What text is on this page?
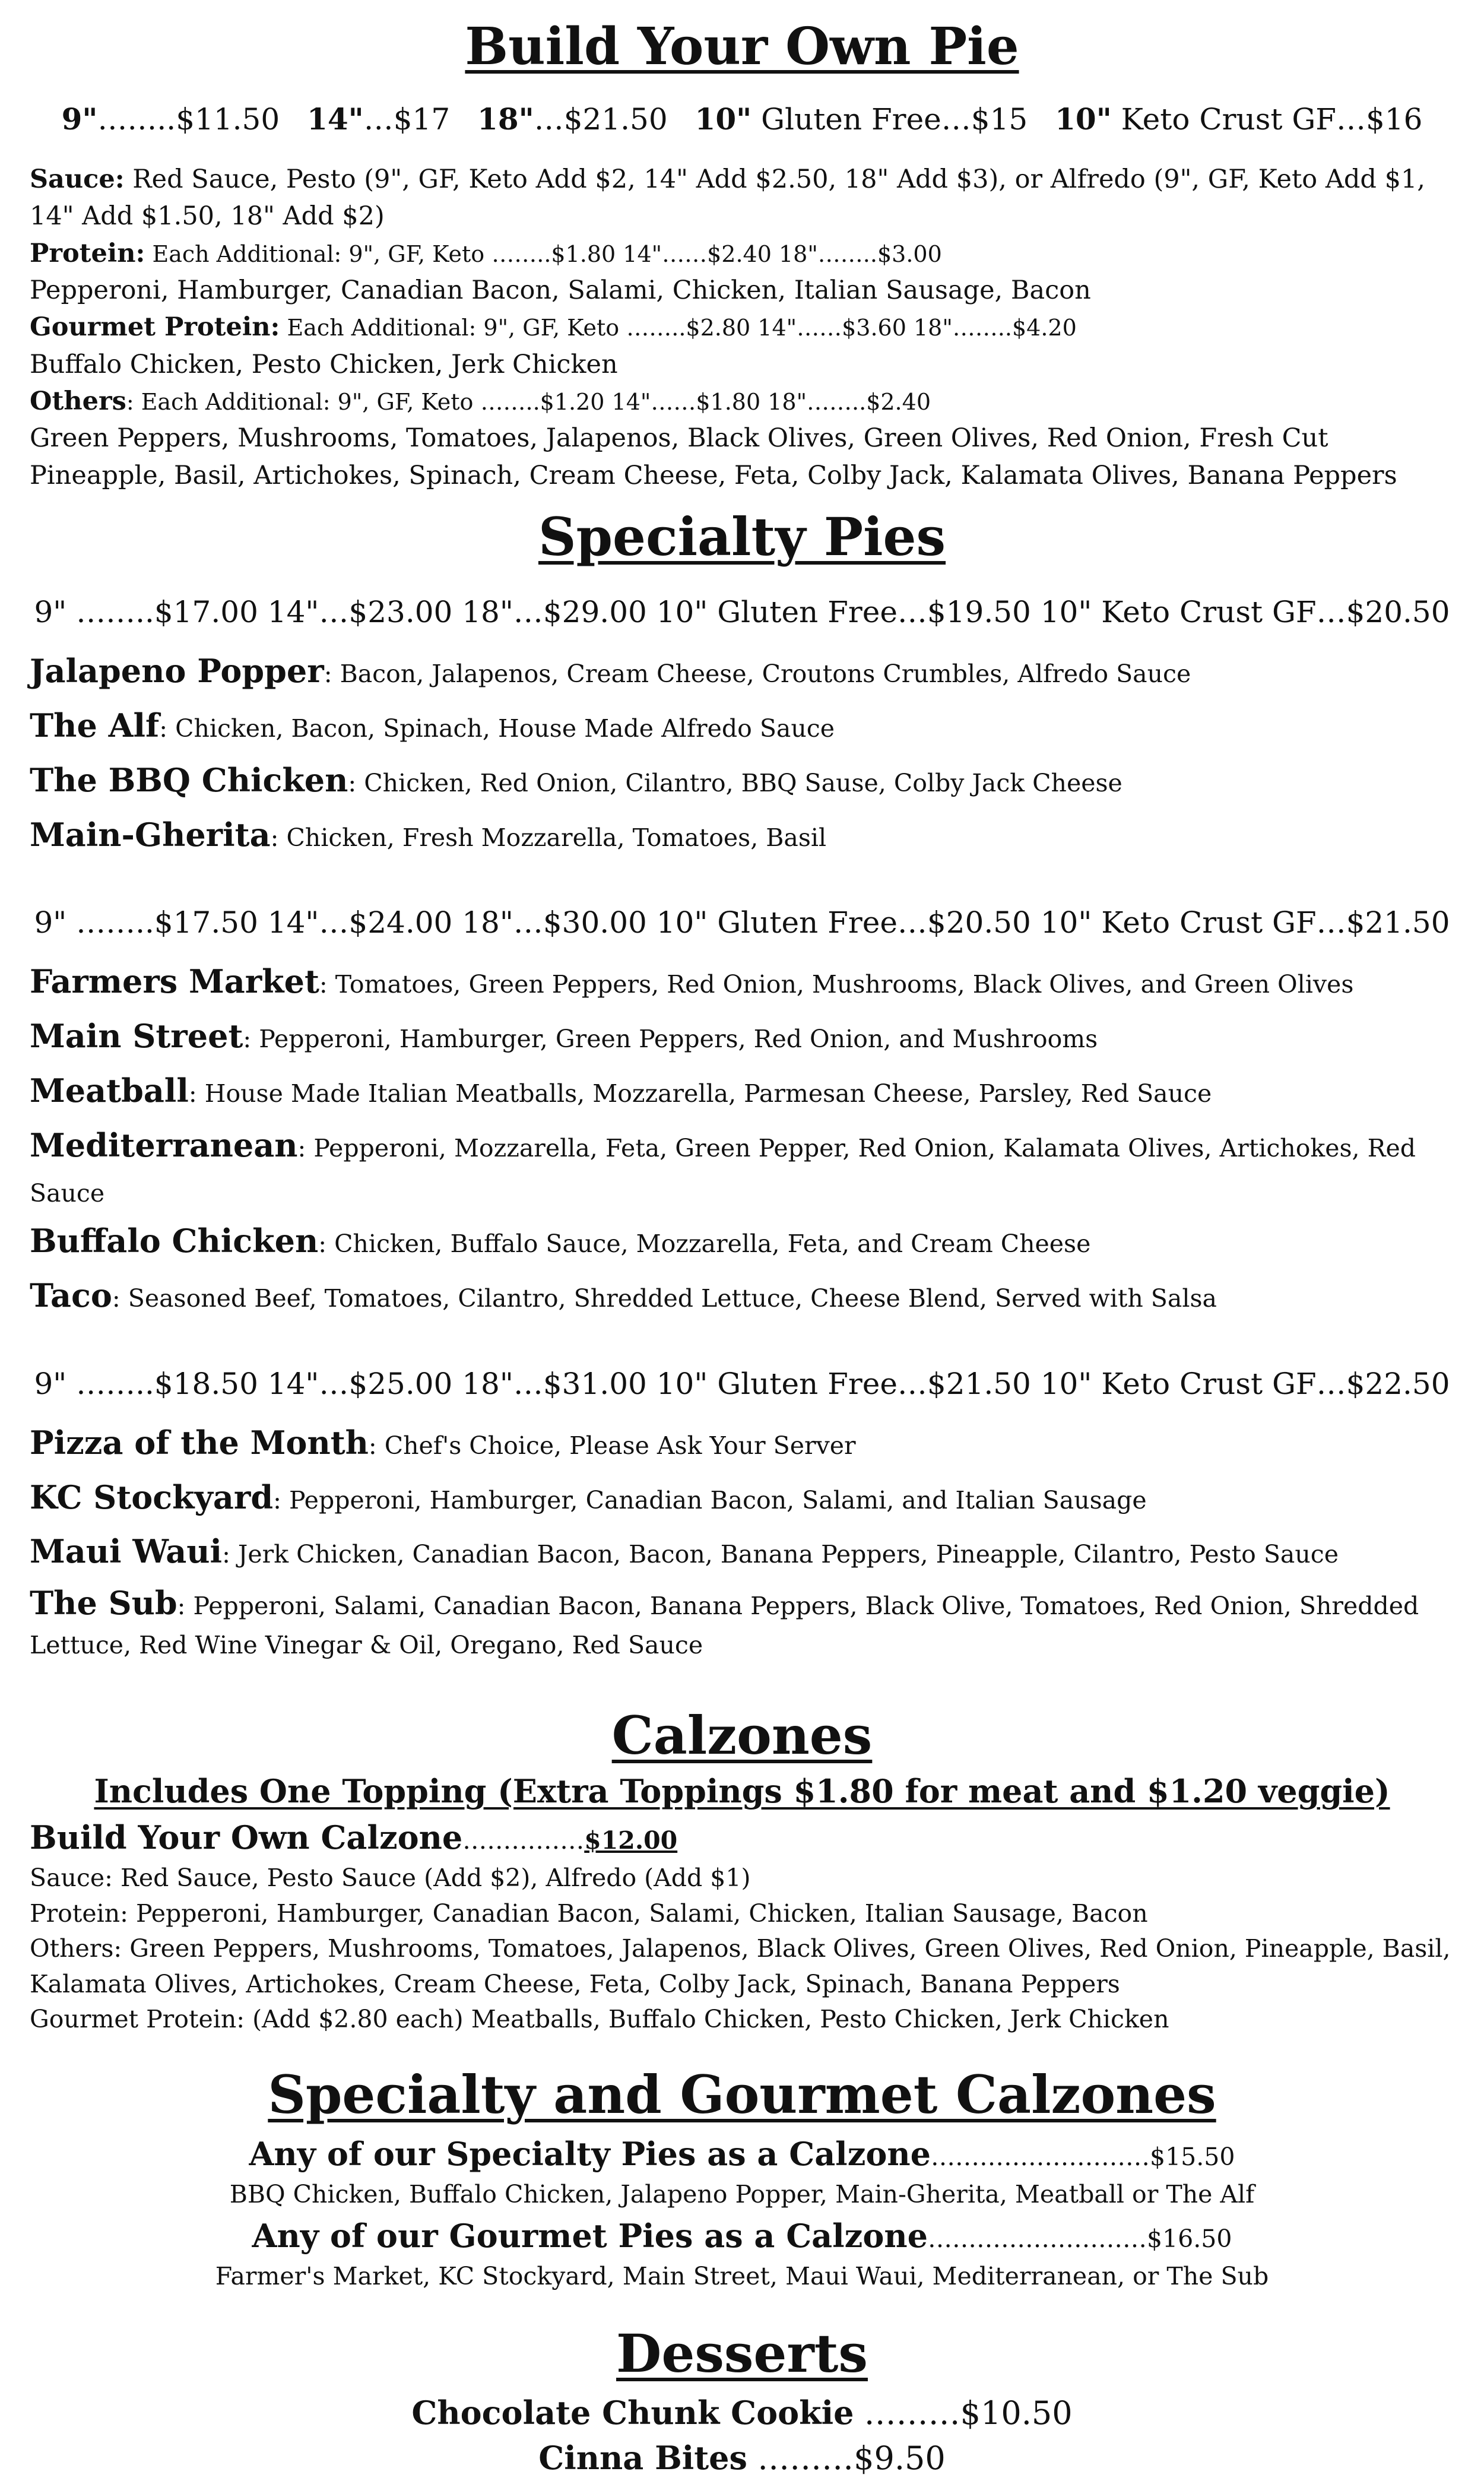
Build Your Own Pie
9"……..$11.50 14"…$17 18"…$21.50 10" Gluten Free…$15 10" Keto Crust GF…$16

Sauce: Red Sauce, Pesto (9", GF, Keto Add $2, 14" Add $2.50, 18" Add $3), or Alfredo (9", GF, Keto Add $1, 14" Add $1.50, 18" Add $2)

Protein: Each Additional: 9", GF, Keto ……..$1.80 14"……$2.40 18"……..$3.00

Pepperoni, Hamburger, Canadian Bacon, Salami, Chicken, Italian Sausage, Bacon

Gourmet Protein: Each Additional: 9", GF, Keto ……..$2.80 14"……$3.60 18"……..$4.20

Buffalo Chicken, Pesto Chicken, Jerk Chicken

Others: Each Additional: 9", GF, Keto ……..$1.20 14"……$1.80 18"……..$2.40

Green Peppers, Mushrooms, Tomatoes, Jalapenos, Black Olives, Green Olives, Red Onion, Fresh Cut Pineapple, Basil, Artichokes, Spinach, Cream Cheese, Feta, Colby Jack, Kalamata Olives, Banana Peppers

Specialty Pies

9" ……..$17.00 14"…$23.00 18"…$29.00 10" Gluten Free…$19.50 10" Keto Crust GF…$20.50

Jalapeno Popper: Bacon, Jalapenos, Cream Cheese, Croutons Crumbles, Alfredo Sauce

The Alf: Chicken, Bacon, Spinach, House Made Alfredo Sauce

The BBQ Chicken: Chicken, Red Onion, Cilantro, BBQ Sause, Colby Jack Cheese

Main-Gherita: Chicken, Fresh Mozzarella, Tomatoes, Basil

9" ……..$17.50 14"…$24.00 18"…$30.00 10" Gluten Free…$20.50 10" Keto Crust GF…$21.50

Farmers Market: Tomatoes, Green Peppers, Red Onion, Mushrooms, Black Olives, and Green Olives

Main Street: Pepperoni, Hamburger, Green Peppers, Red Onion, and Mushrooms

Meatball: House Made Italian Meatballs, Mozzarella, Parmesan Cheese, Parsley, Red Sauce

Mediterranean: Pepperoni, Mozzarella, Feta, Green Pepper, Red Onion, Kalamata Olives, Artichokes, Red Sauce

Buffalo Chicken: Chicken, Buffalo Sauce, Mozzarella, Feta, and Cream Cheese

Taco: Seasoned Beef, Tomatoes, Cilantro, Shredded Lettuce, Cheese Blend, Served with Salsa

9" ……..$18.50 14"…$25.00 18"…$31.00 10" Gluten Free…$21.50 10" Keto Crust GF…$22.50

Pizza of the Month: Chef's Choice, Please Ask Your Server

KC Stockyard: Pepperoni, Hamburger, Canadian Bacon, Salami, and Italian Sausage

Maui Waui: Jerk Chicken, Canadian Bacon, Bacon, Banana Peppers, Pineapple, Cilantro, Pesto Sauce

The Sub: Pepperoni, Salami, Canadian Bacon, Banana Peppers, Black Olive, Tomatoes, Red Onion, Shredded Lettuce, Red Wine Vinegar & Oil, Oregano, Red Sauce

Calzones

Includes One Topping (Extra Toppings $1.80 for meat and $1.20 veggie)

Build Your Own Calzone……………$12.00

Sauce: Red Sauce, Pesto Sauce (Add $2), Alfredo (Add $1)

Protein: Pepperoni, Hamburger, Canadian Bacon, Salami, Chicken, Italian Sausage, Bacon

Others: Green Peppers, Mushrooms, Tomatoes, Jalapenos, Black Olives, Green Olives, Red Onion, Pineapple, Basil, Kalamata Olives, Artichokes, Cream Cheese, Feta, Colby Jack, Spinach, Banana Peppers

Gourmet Protein: (Add $2.80 each) Meatballs, Buffalo Chicken, Pesto Chicken, Jerk Chicken

Specialty and Gourmet Calzones

Any of our Specialty Pies as a Calzone………………………$15.50

BBQ Chicken, Buffalo Chicken, Jalapeno Popper, Main-Gherita, Meatball or The Alf

Any of our Gourmet Pies as a Calzone………………………$16.50

Farmer's Market, KC Stockyard, Main Street, Maui Waui, Mediterranean, or The Sub

Desserts

Chocolate Chunk Cookie ………$10.50

Cinna Bites ………$9.50
